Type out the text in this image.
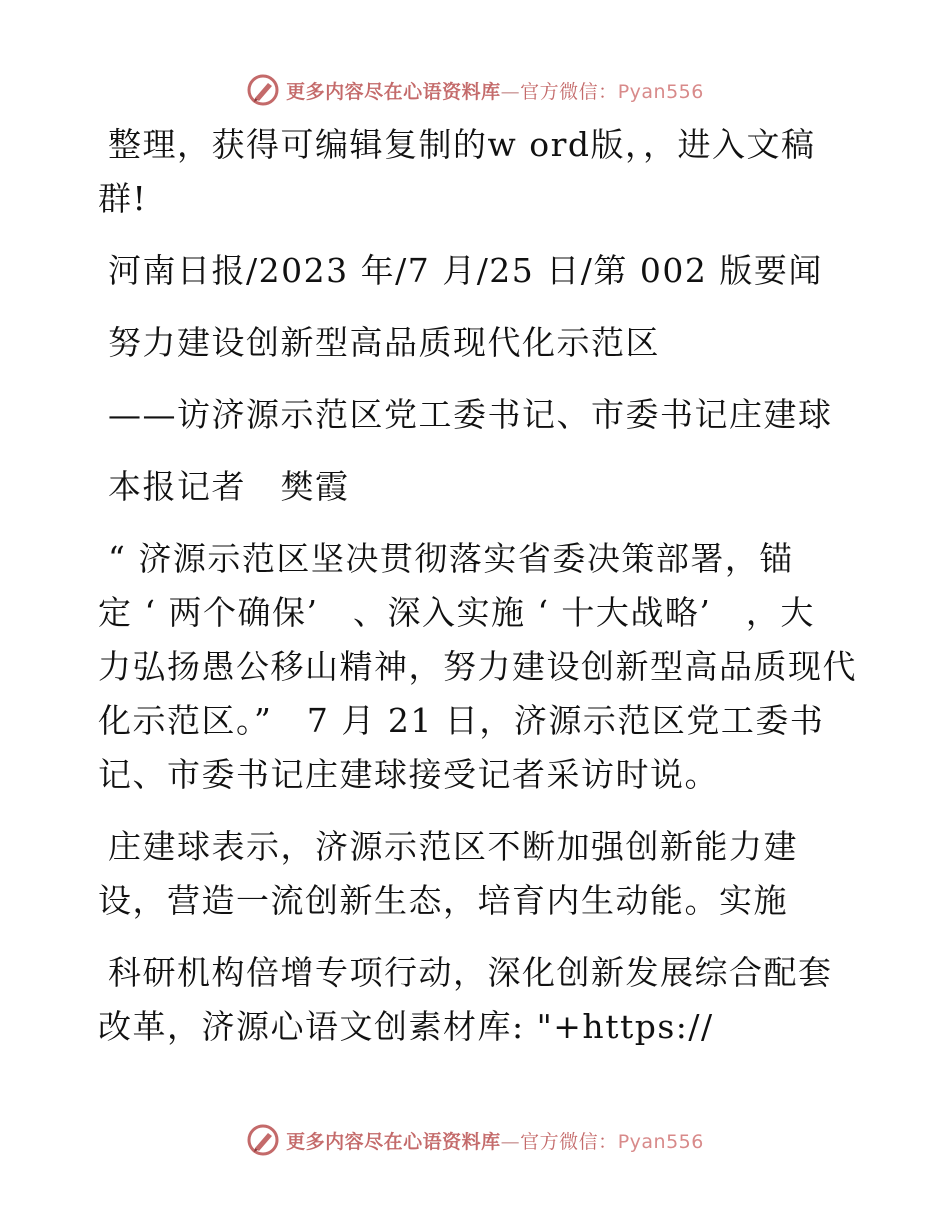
更多内容尽在心语资料库—官方微信：Pyan556
整理，获得可编辑复制的w ord版，，进入文稿
群!
河南日报/2023 年/7 月/25 日/第 002 版要闻
努力建设创新型高品质现代化示范区
——访济源示范区党工委书记、市委书记庄建球
本报记者　樊霞
“ 济源示范区坚决贯彻落实省委决策部署，锚
定 ‘ 两个确保’　、深入实施 ‘ 十大战略’　，大
力弘扬愚公移山精神，努力建设创新型高品质现代
化示范区。”　7 月 21 日，济源示范区党工委书
记、市委书记庄建球接受记者采访时说。
庄建球表示，济源示范区不断加强创新能力建
设，营造一流创新生态，培育内生动能。实施
科研机构倍增专项行动，深化创新发展综合配套
改革，济源心语文创素材库: "+https://
更多内容尽在心语资料库—官方微信：Pyan556
